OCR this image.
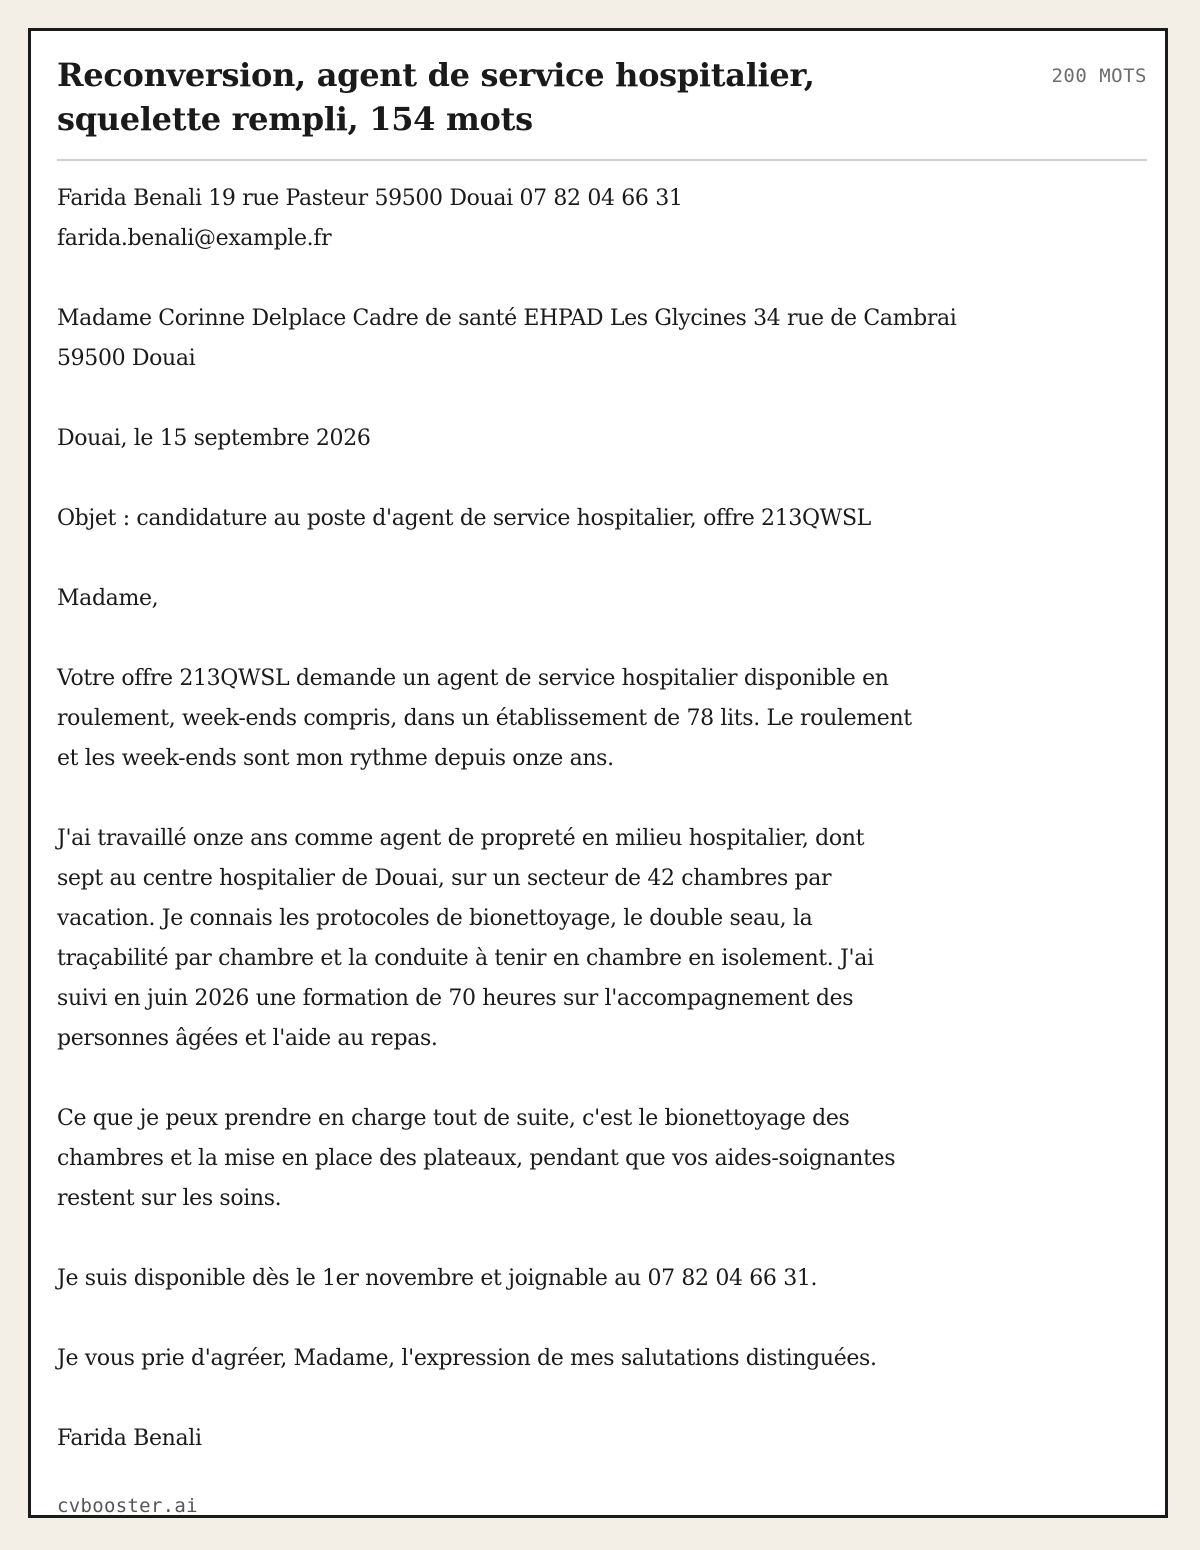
Reconversion, agent de service hospitalier,
squelette rempli, 154 mots
200 MOTS
Farida Benali 19 rue Pasteur 59500 Douai 07 82 04 66 31
farida.benali@example.fr
Madame Corinne Delplace Cadre de santé EHPAD Les Glycines 34 rue de Cambrai
59500 Douai
Douai, le 15 septembre 2026
Objet : candidature au poste d'agent de service hospitalier, offre 213QWSL
Madame,
Votre offre 213QWSL demande un agent de service hospitalier disponible en
roulement, week-ends compris, dans un établissement de 78 lits. Le roulement
et les week-ends sont mon rythme depuis onze ans.
J'ai travaillé onze ans comme agent de propreté en milieu hospitalier, dont
sept au centre hospitalier de Douai, sur un secteur de 42 chambres par
vacation. Je connais les protocoles de bionettoyage, le double seau, la
traçabilité par chambre et la conduite à tenir en chambre en isolement. J'ai
suivi en juin 2026 une formation de 70 heures sur l'accompagnement des
personnes âgées et l'aide au repas.
Ce que je peux prendre en charge tout de suite, c'est le bionettoyage des
chambres et la mise en place des plateaux, pendant que vos aides-soignantes
restent sur les soins.
Je suis disponible dès le 1er novembre et joignable au 07 82 04 66 31.
Je vous prie d'agréer, Madame, l'expression de mes salutations distinguées.
Farida Benali
cvbooster.ai
